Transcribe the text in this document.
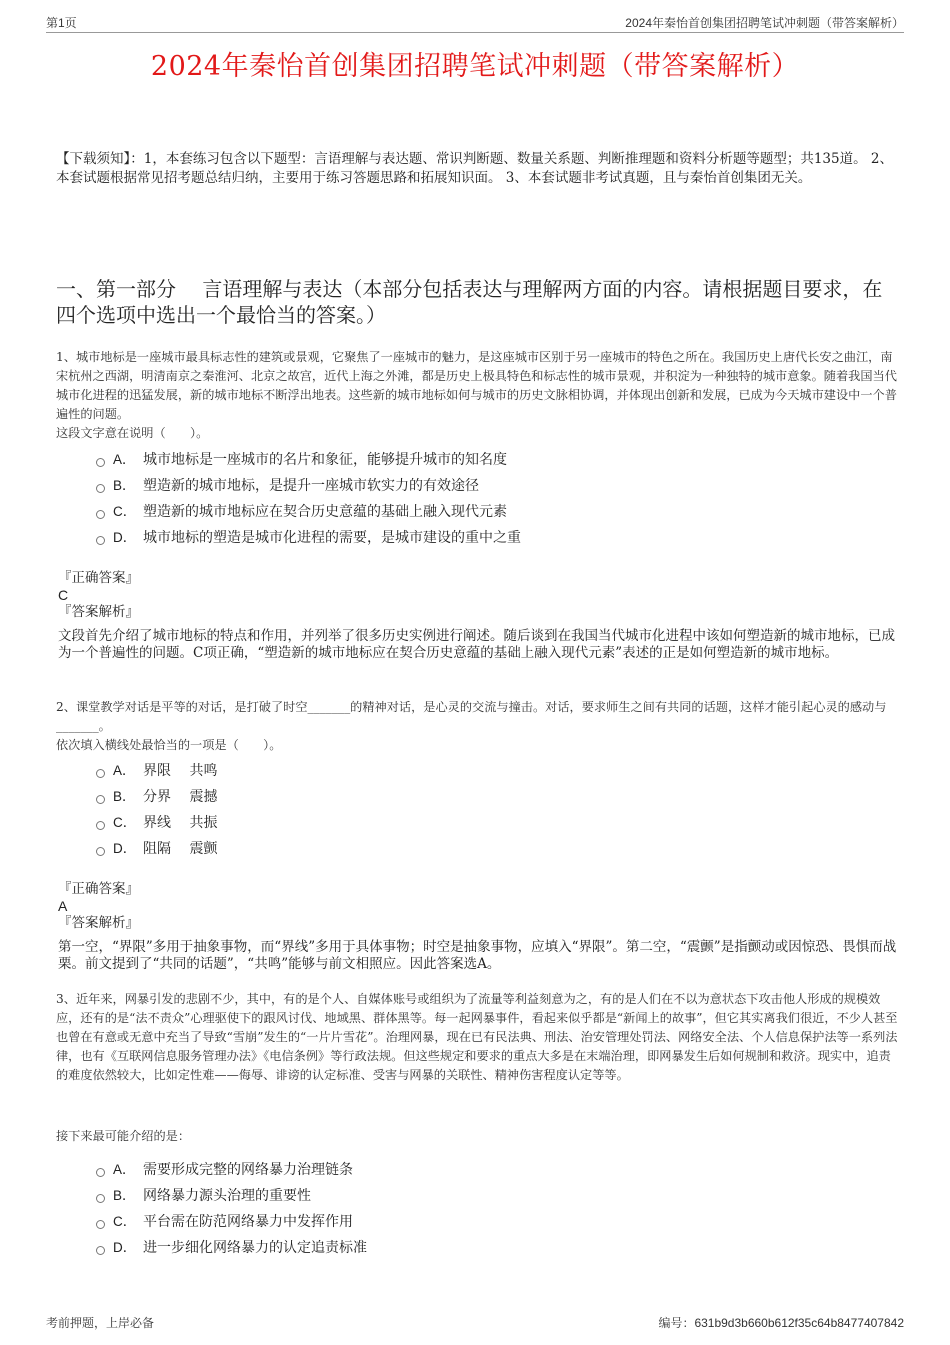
第1页	2024年秦怡首创集团招聘笔试冲刺题（带答案解析）
2024年秦怡首创集团招聘笔试冲刺题（带答案解析）
【下载须知】：1，本套练习包含以下题型：言语理解与表达题、常识判断题、数量关系题、判断推理题和资料分析题等题型；共135道。 2、本套试题根据常见招考题总结归纳，主要用于练习答题思路和拓展知识面。 3、本套试题非考试真题，且与秦怡首创集团无关。
一、第一部分　 言语理解与表达（本部分包括表达与理解两方面的内容。请根据题目要求，在四个选项中选出一个最恰当的答案。）
1、城市地标是一座城市最具标志性的建筑或景观，它聚焦了一座城市的魅力，是这座城市区别于另一座城市的特色之所在。我国历史上唐代长安之曲江，南宋杭州之西湖，明清南京之秦淮河、北京之故宫，近代上海之外滩，都是历史上极具特色和标志性的城市景观，并积淀为一种独特的城市意象。随着我国当代城市化进程的迅猛发展，新的城市地标不断浮出地表。这些新的城市地标如何与城市的历史文脉相协调，并体现出创新和发展，已成为今天城市建设中一个普遍性的问题。
这段文字意在说明（　　）。
A． 城市地标是一座城市的名片和象征，能够提升城市的知名度
B． 塑造新的城市地标，是提升一座城市软实力的有效途径
C． 塑造新的城市地标应在契合历史意蕴的基础上融入现代元素
D． 城市地标的塑造是城市化进程的需要，是城市建设的重中之重
『正确答案』
C
『答案解析』
文段首先介绍了城市地标的特点和作用，并列举了很多历史实例进行阐述。随后谈到在我国当代城市化进程中该如何塑造新的城市地标，已成为一个普遍性的问题。C项正确，“塑造新的城市地标应在契合历史意蕴的基础上融入现代元素”表述的正是如何塑造新的城市地标。
2、课堂教学对话是平等的对话，是打破了时空_______的精神对话，是心灵的交流与撞击。对话，要求师生之间有共同的话题，这样才能引起心灵的感动与_______。
依次填入横线处最恰当的一项是（　　）。
A． 界限　 共鸣
B． 分界　 震撼
C． 界线　 共振
D． 阻隔　 震颤
『正确答案』
A
『答案解析』
第一空，“界限”多用于抽象事物，而“界线”多用于具体事物；时空是抽象事物，应填入“界限”。第二空，“震颤”是指颤动或因惊恐、畏惧而战栗。前文提到了“共同的话题”，“共鸣”能够与前文相照应。因此答案选A。
3、近年来，网暴引发的悲剧不少，其中，有的是个人、自媒体账号或组织为了流量等利益刻意为之，有的是人们在不以为意状态下攻击他人形成的规模效应，还有的是“法不责众”心理驱使下的跟风讨伐、地域黑、群体黑等。每一起网暴事件，看起来似乎都是“新闻上的故事”，但它其实离我们很近，不少人甚至也曾在有意或无意中充当了导致“雪崩”发生的“一片片雪花”。治理网暴，现在已有民法典、刑法、治安管理处罚法、网络安全法、个人信息保护法等一系列法律，也有《互联网信息服务管理办法》《电信条例》等行政法规。但这些规定和要求的重点大多是在末端治理，即网暴发生后如何规制和救济。现实中，追责的难度依然较大，比如定性难——侮辱、诽谤的认定标准、受害与网暴的关联性、精神伤害程度认定等等。
接下来最可能介绍的是：
A． 需要形成完整的网络暴力治理链条
B． 网络暴力源头治理的重要性
C． 平台需在防范网络暴力中发挥作用
D． 进一步细化网络暴力的认定追责标准
考前押题，上岸必备	编号：631b9d3b660b612f35c64b8477407842
